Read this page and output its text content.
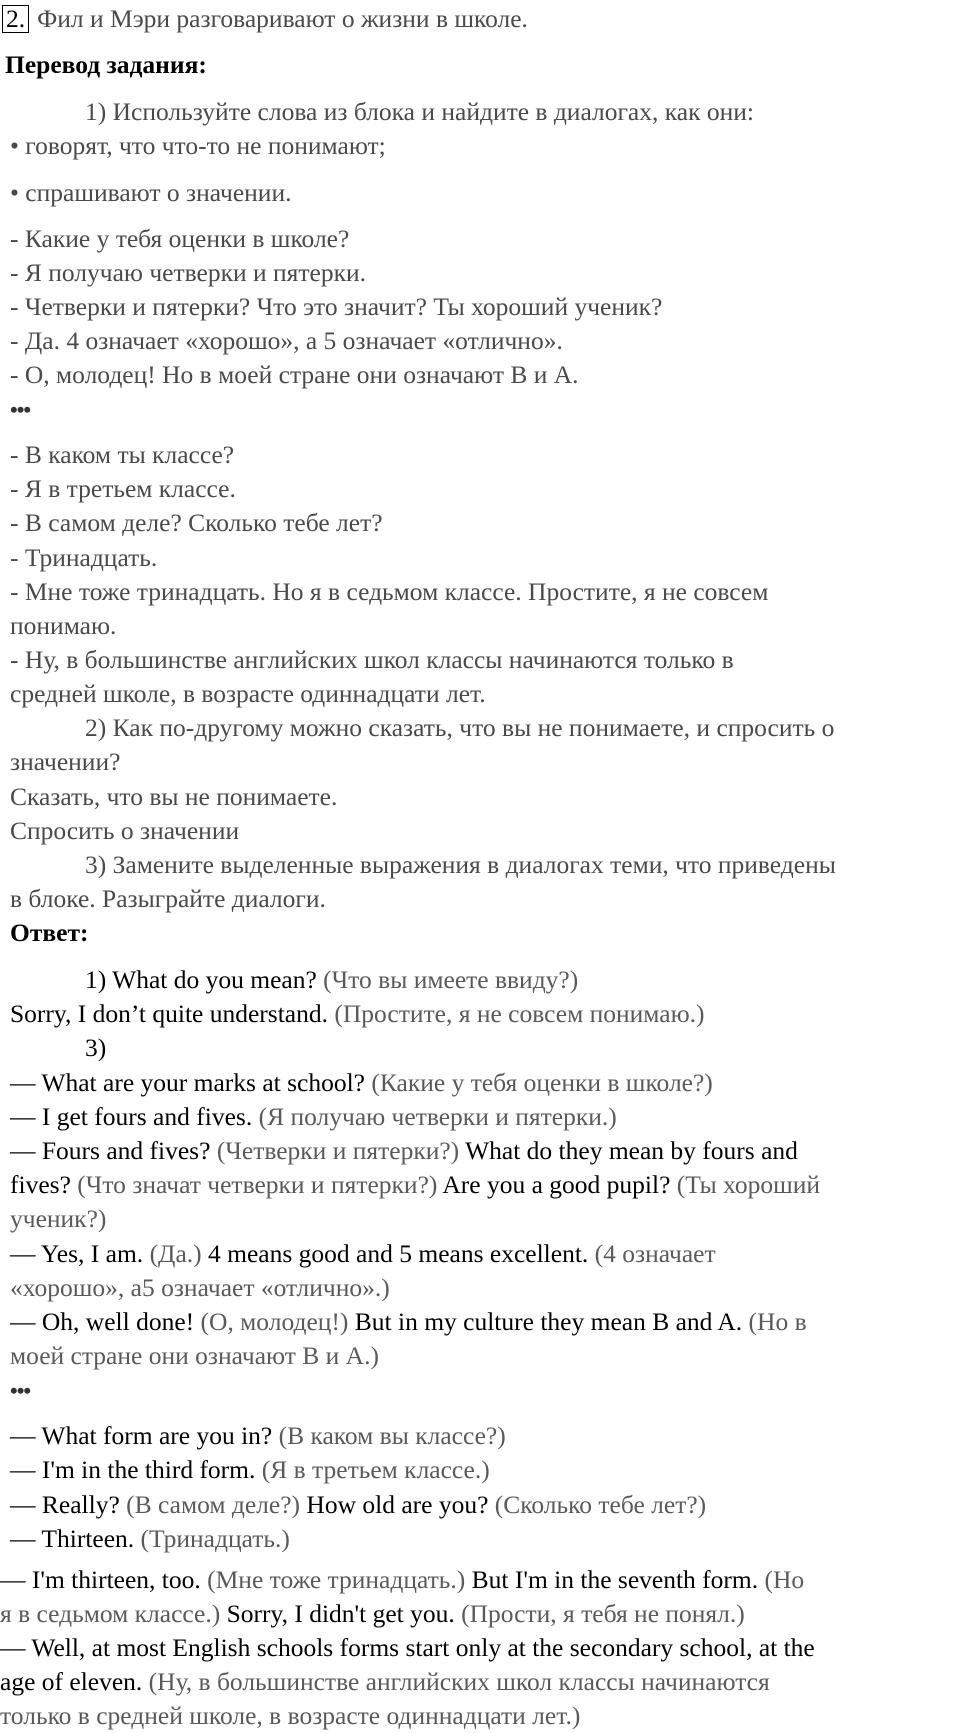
2. Фил и Мэри разговаривают о жизни в школе.
Перевод задания:
1) Используйте слова из блока и найдите в диалогах, как они:
• говорят, что что-то не понимают;
• спрашивают о значении.
- Какие у тебя оценки в школе?
- Я получаю четверки и пятерки.
- Четверки и пятерки? Что это значит? Ты хороший ученик?
- Да. 4 означает «хорошо», а 5 означает «отлично».
- О, молодец! Но в моей стране они означают В и А.
•••
- В каком ты классе?
- Я в третьем классе.
- В самом деле? Сколько тебе лет?
- Тринадцать.
- Мне тоже тринадцать. Но я в седьмом классе. Простите, я не совсем
понимаю.
- Ну, в большинстве английских школ классы начинаются только в
средней школе, в возрасте одиннадцати лет.
2) Как по-другому можно сказать, что вы не понимаете, и спросить о
значении?
Сказать, что вы не понимаете.
Спросить о значении
3) Замените выделенные выражения в диалогах теми, что приведены
в блоке. Разыграйте диалоги.
Ответ:
1) What do you mean? (Что вы имеете ввиду?)
Sorry, I don’t quite understand. (Простите, я не совсем понимаю.)
3)
— What are your marks at school? (Какие у тебя оценки в школе?)
— I get fours and fives. (Я получаю четверки и пятерки.)
— Fours and fives? (Четверки и пятерки?) What do they mean by fours and
fives? (Что значат четверки и пятерки?) Are you a good pupil? (Ты хороший
ученик?)
— Yes, I am. (Да.) 4 means good and 5 means excellent. (4 означает
«хорошо», а5 означает «отлично».)
— Oh, well done! (О, молодец!) But in my culture they mean B and A. (Но в
моей стране они означают В и А.)
•••
— What form are you in? (В каком вы классе?)
— I'm in the third form. (Я в третьем классе.)
— Really? (В самом деле?) How old are you? (Сколько тебе лет?)
— Thirteen. (Тринадцать.)
— I'm thirteen, too. (Мне тоже тринадцать.) But I'm in the seventh form. (Но
я в седьмом классе.) Sorry, I didn't get you. (Прости, я тебя не понял.)
— Well, at most English schools forms start only at the secondary school, at the
age of eleven. (Ну, в большинстве английских школ классы начинаются
только в средней школе, в возрасте одиннадцати лет.)
